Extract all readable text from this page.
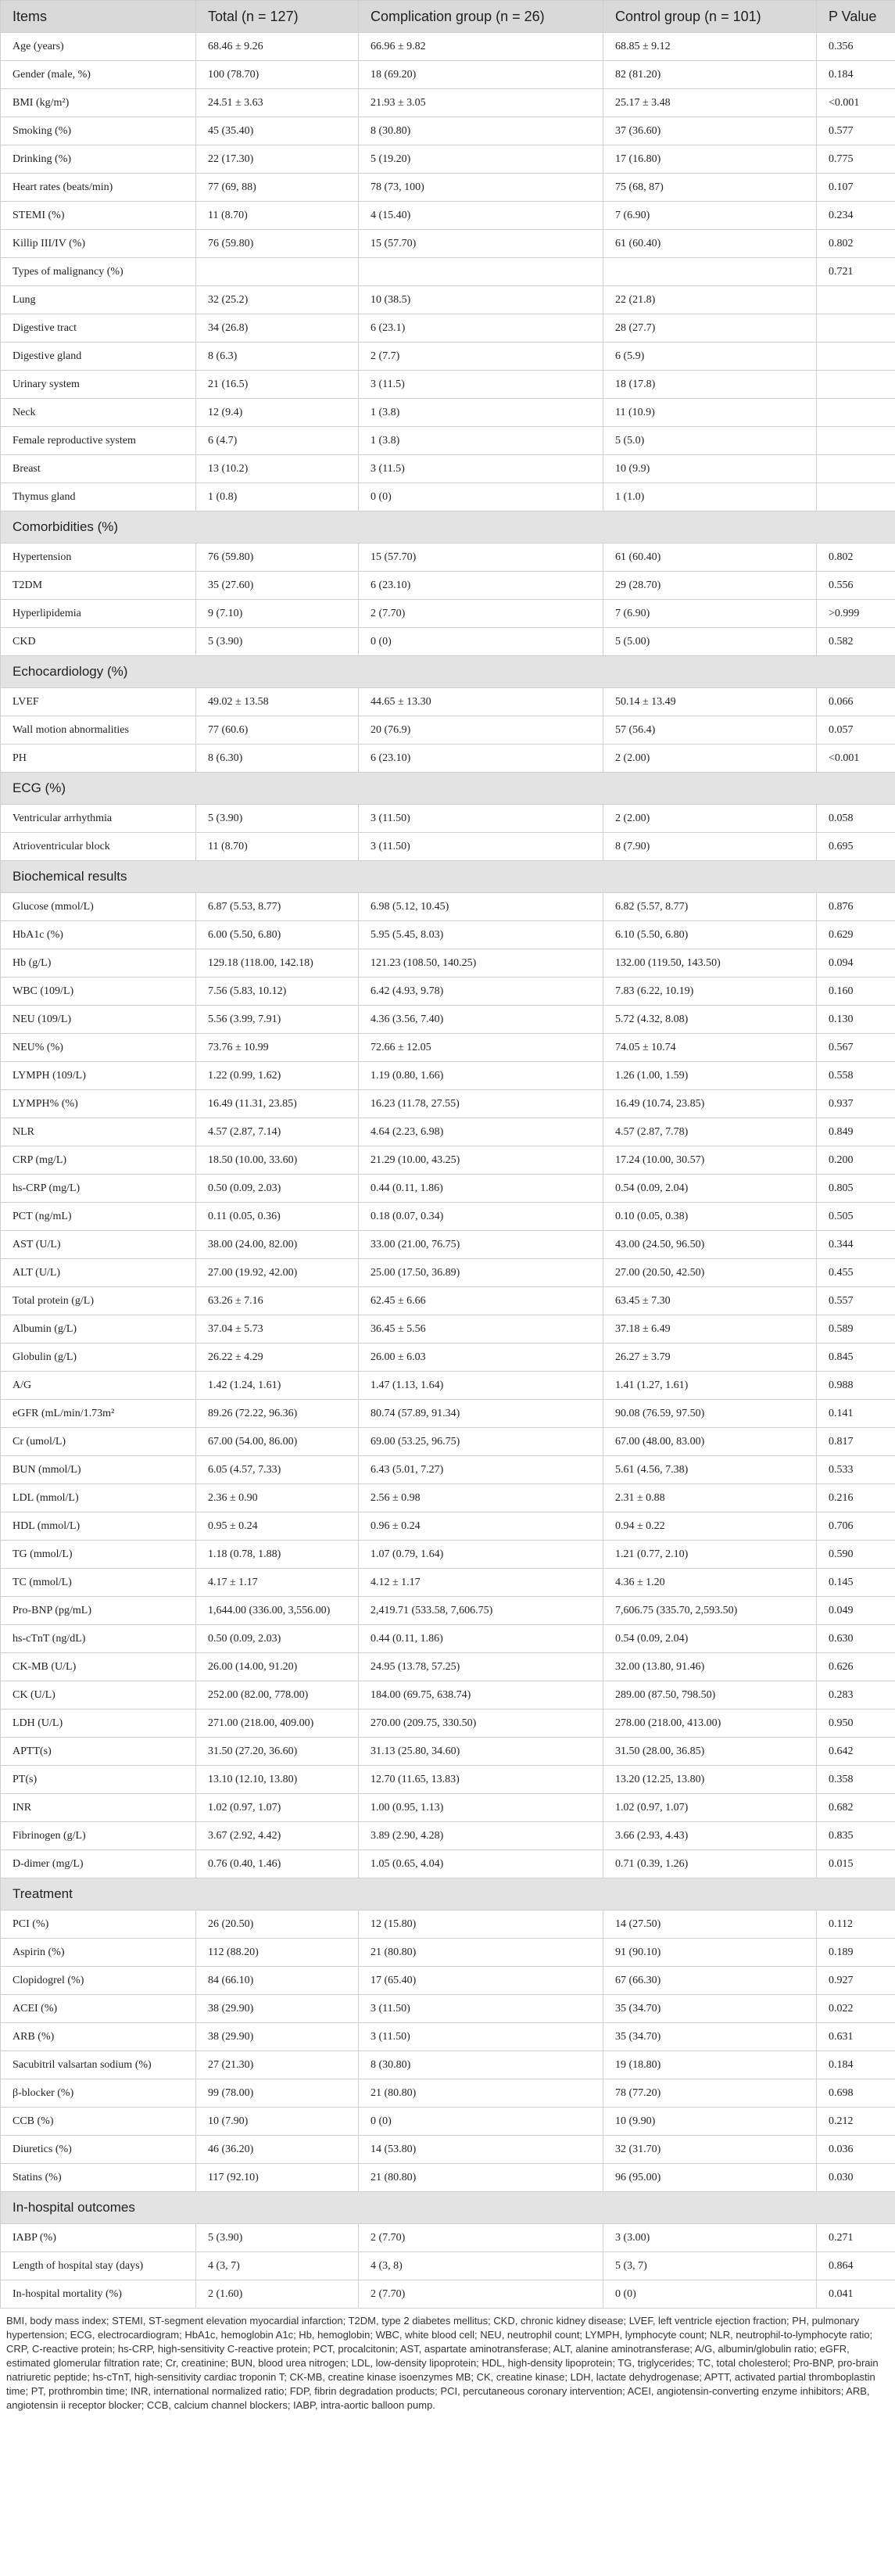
Items	Total (n = 127)	Complication group (n = 26)	Control group (n = 101)	P Value
Age (years)	68.46 ± 9.26	66.96 ± 9.82	68.85 ± 9.12	0.356
Gender (male, %)	100 (78.70)	18 (69.20)	82 (81.20)	0.184
BMI (kg/m²)	24.51 ± 3.63	21.93 ± 3.05	25.17 ± 3.48	<0.001
Smoking (%)	45 (35.40)	8 (30.80)	37 (36.60)	0.577
Drinking (%)	22 (17.30)	5 (19.20)	17 (16.80)	0.775
Heart rates (beats/min)	77 (69, 88)	78 (73, 100)	75 (68, 87)	0.107
STEMI (%)	11 (8.70)	4 (15.40)	7 (6.90)	0.234
Killip III/IV (%)	76 (59.80)	15 (57.70)	61 (60.40)	0.802
Types of malignancy (%)				0.721
Lung	32 (25.2)	10 (38.5)	22 (21.8)	
Digestive tract	34 (26.8)	6 (23.1)	28 (27.7)	
Digestive gland	8 (6.3)	2 (7.7)	6 (5.9)	
Urinary system	21 (16.5)	3 (11.5)	18 (17.8)	
Neck	12 (9.4)	1 (3.8)	11 (10.9)	
Female reproductive system	6 (4.7)	1 (3.8)	5 (5.0)	
Breast	13 (10.2)	3 (11.5)	10 (9.9)	
Thymus gland	1 (0.8)	0 (0)	1 (1.0)	
Comorbidities (%)				
Hypertension	76 (59.80)	15 (57.70)	61 (60.40)	0.802
T2DM	35 (27.60)	6 (23.10)	29 (28.70)	0.556
Hyperlipidemia	9 (7.10)	2 (7.70)	7 (6.90)	>0.999
CKD	5 (3.90)	0 (0)	5 (5.00)	0.582
Echocardiology (%)				
LVEF	49.02 ± 13.58	44.65 ± 13.30	50.14 ± 13.49	0.066
Wall motion abnormalities	77 (60.6)	20 (76.9)	57 (56.4)	0.057
PH	8 (6.30)	6 (23.10)	2 (2.00)	<0.001
ECG (%)				
Ventricular arrhythmia	5 (3.90)	3 (11.50)	2 (2.00)	0.058
Atrioventricular block	11 (8.70)	3 (11.50)	8 (7.90)	0.695
Biochemical results				
Glucose (mmol/L)	6.87 (5.53, 8.77)	6.98 (5.12, 10.45)	6.82 (5.57, 8.77)	0.876
HbA1c (%)	6.00 (5.50, 6.80)	5.95 (5.45, 8.03)	6.10 (5.50, 6.80)	0.629
Hb (g/L)	129.18 (118.00, 142.18)	121.23 (108.50, 140.25)	132.00 (119.50, 143.50)	0.094
WBC (109/L)	7.56 (5.83, 10.12)	6.42 (4.93, 9.78)	7.83 (6.22, 10.19)	0.160
NEU (109/L)	5.56 (3.99, 7.91)	4.36 (3.56, 7.40)	5.72 (4.32, 8.08)	0.130
NEU% (%)	73.76 ± 10.99	72.66 ± 12.05	74.05 ± 10.74	0.567
LYMPH (109/L)	1.22 (0.99, 1.62)	1.19 (0.80, 1.66)	1.26 (1.00, 1.59)	0.558
LYMPH% (%)	16.49 (11.31, 23.85)	16.23 (11.78, 27.55)	16.49 (10.74, 23.85)	0.937
NLR	4.57 (2.87, 7.14)	4.64 (2.23, 6.98)	4.57 (2.87, 7.78)	0.849
CRP (mg/L)	18.50 (10.00, 33.60)	21.29 (10.00, 43.25)	17.24 (10.00, 30.57)	0.200
hs-CRP (mg/L)	0.50 (0.09, 2.03)	0.44 (0.11, 1.86)	0.54 (0.09, 2.04)	0.805
PCT (ng/mL)	0.11 (0.05, 0.36)	0.18 (0.07, 0.34)	0.10 (0.05, 0.38)	0.505
AST (U/L)	38.00 (24.00, 82.00)	33.00 (21.00, 76.75)	43.00 (24.50, 96.50)	0.344
ALT (U/L)	27.00 (19.92, 42.00)	25.00 (17.50, 36.89)	27.00 (20.50, 42.50)	0.455
Total protein (g/L)	63.26 ± 7.16	62.45 ± 6.66	63.45 ± 7.30	0.557
Albumin (g/L)	37.04 ± 5.73	36.45 ± 5.56	37.18 ± 6.49	0.589
Globulin (g/L)	26.22 ± 4.29	26.00 ± 6.03	26.27 ± 3.79	0.845
A/G	1.42 (1.24, 1.61)	1.47 (1.13, 1.64)	1.41 (1.27, 1.61)	0.988
eGFR (mL/min/1.73m²	89.26 (72.22, 96.36)	80.74 (57.89, 91.34)	90.08 (76.59, 97.50)	0.141
Cr (umol/L)	67.00 (54.00, 86.00)	69.00 (53.25, 96.75)	67.00 (48.00, 83.00)	0.817
BUN (mmol/L)	6.05 (4.57, 7.33)	6.43 (5.01, 7.27)	5.61 (4.56, 7.38)	0.533
LDL (mmol/L)	2.36 ± 0.90	2.56 ± 0.98	2.31 ± 0.88	0.216
HDL (mmol/L)	0.95 ± 0.24	0.96 ± 0.24	0.94 ± 0.22	0.706
TG (mmol/L)	1.18 (0.78, 1.88)	1.07 (0.79, 1.64)	1.21 (0.77, 2.10)	0.590
TC (mmol/L)	4.17 ± 1.17	4.12 ± 1.17	4.36 ± 1.20	0.145
Pro-BNP (pg/mL)	1,644.00 (336.00, 3,556.00)	2,419.71 (533.58, 7,606.75)	7,606.75 (335.70, 2,593.50)	0.049
hs-cTnT (ng/dL)	0.50 (0.09, 2.03)	0.44 (0.11, 1.86)	0.54 (0.09, 2.04)	0.630
CK-MB (U/L)	26.00 (14.00, 91.20)	24.95 (13.78, 57.25)	32.00 (13.80, 91.46)	0.626
CK (U/L)	252.00 (82.00, 778.00)	184.00 (69.75, 638.74)	289.00 (87.50, 798.50)	0.283
LDH (U/L)	271.00 (218.00, 409.00)	270.00 (209.75, 330.50)	278.00 (218.00, 413.00)	0.950
APTT(s)	31.50 (27.20, 36.60)	31.13 (25.80, 34.60)	31.50 (28.00, 36.85)	0.642
PT(s)	13.10 (12.10, 13.80)	12.70 (11.65, 13.83)	13.20 (12.25, 13.80)	0.358
INR	1.02 (0.97, 1.07)	1.00 (0.95, 1.13)	1.02 (0.97, 1.07)	0.682
Fibrinogen (g/L)	3.67 (2.92, 4.42)	3.89 (2.90, 4.28)	3.66 (2.93, 4.43)	0.835
D-dimer (mg/L)	0.76 (0.40, 1.46)	1.05 (0.65, 4.04)	0.71 (0.39, 1.26)	0.015
Treatment				
PCI (%)	26 (20.50)	12 (15.80)	14 (27.50)	0.112
Aspirin (%)	112 (88.20)	21 (80.80)	91 (90.10)	0.189
Clopidogrel (%)	84 (66.10)	17 (65.40)	67 (66.30)	0.927
ACEI (%)	38 (29.90)	3 (11.50)	35 (34.70)	0.022
ARB (%)	38 (29.90)	3 (11.50)	35 (34.70)	0.631
Sacubitril valsartan sodium (%)	27 (21.30)	8 (30.80)	19 (18.80)	0.184
β-blocker (%)	99 (78.00)	21 (80.80)	78 (77.20)	0.698
CCB (%)	10 (7.90)	0 (0)	10 (9.90)	0.212
Diuretics (%)	46 (36.20)	14 (53.80)	32 (31.70)	0.036
Statins (%)	117 (92.10)	21 (80.80)	96 (95.00)	0.030
In-hospital outcomes				
IABP (%)	5 (3.90)	2 (7.70)	3 (3.00)	0.271
Length of hospital stay (days)	4 (3, 7)	4 (3, 8)	5 (3, 7)	0.864
In-hospital mortality (%)	2 (1.60)	2 (7.70)	0 (0)	0.041
BMI, body mass index; STEMI, ST-segment elevation myocardial infarction; T2DM, type 2 diabetes mellitus; CKD, chronic kidney disease; LVEF, left ventricle ejection fraction; PH, pulmonary hypertension; ECG, electrocardiogram; HbA1c, hemoglobin A1c; Hb, hemoglobin; WBC, white blood cell; NEU, neutrophil count; LYMPH, lymphocyte count; NLR, neutrophil-to-lymphocyte ratio; CRP, C-reactive protein; hs-CRP, high-sensitivity C-reactive protein; PCT, procalcitonin; AST, aspartate aminotransferase; ALT, alanine aminotransferase; A/G, albumin/globulin ratio; eGFR, estimated glomerular filtration rate; Cr, creatinine; BUN, blood urea nitrogen; LDL, low-density lipoprotein; HDL, high-density lipoprotein; TG, triglycerides; TC, total cholesterol; Pro-BNP, pro-brain natriuretic peptide; hs-cTnT, high-sensitivity cardiac troponin T; CK-MB, creatine kinase isoenzymes MB; CK, creatine kinase; LDH, lactate dehydrogenase; APTT, activated partial thromboplastin time; PT, prothrombin time; INR, international normalized ratio; FDP, fibrin degradation products; PCI, percutaneous coronary intervention; ACEI, angiotensin-converting enzyme inhibitors; ARB, angiotensin ii receptor blocker; CCB, calcium channel blockers; IABP, intra-aortic balloon pump.
